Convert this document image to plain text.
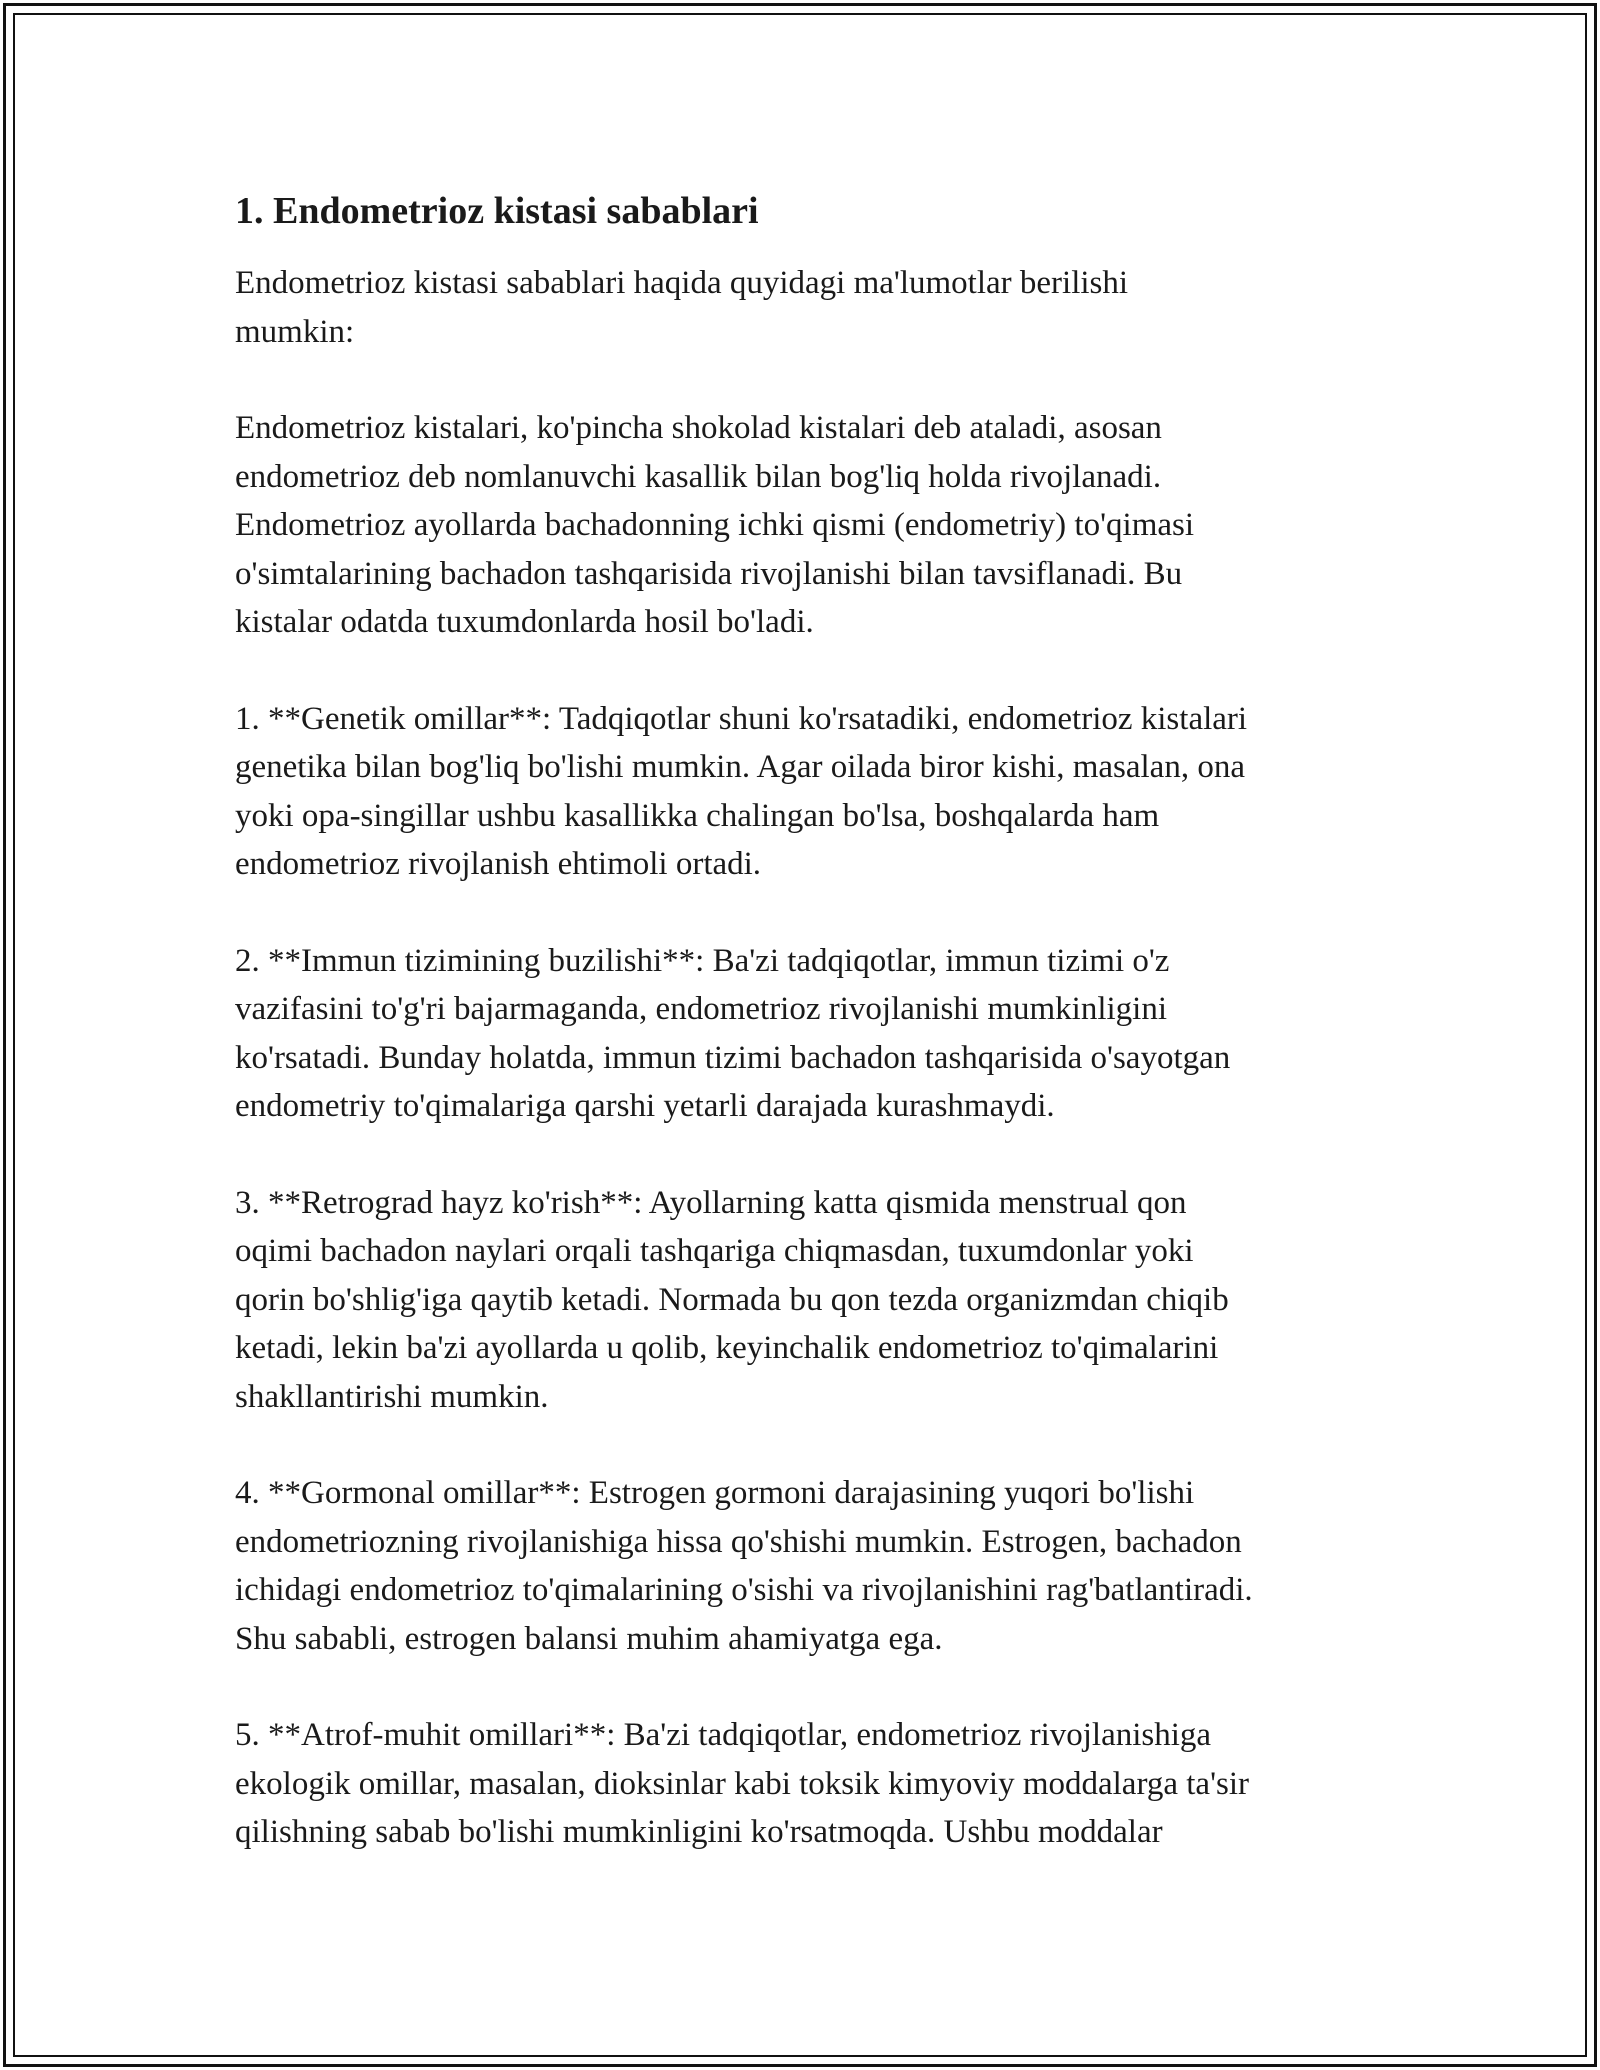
1. Endometrioz kistasi sabablari

Endometrioz kistasi sabablari haqida quyidagi ma'lumotlar berilishi
mumkin:

Endometrioz kistalari, ko'pincha shokolad kistalari deb ataladi, asosan
endometrioz deb nomlanuvchi kasallik bilan bog'liq holda rivojlanadi.
Endometrioz ayollarda bachadonning ichki qismi (endometriy) to'qimasi
o'simtalarining bachadon tashqarisida rivojlanishi bilan tavsiflanadi. Bu
kistalar odatda tuxumdonlarda hosil bo'ladi.

1. **Genetik omillar**: Tadqiqotlar shuni ko'rsatadiki, endometrioz kistalari
genetika bilan bog'liq bo'lishi mumkin. Agar oilada biror kishi, masalan, ona
yoki opa-singillar ushbu kasallikka chalingan bo'lsa, boshqalarda ham
endometrioz rivojlanish ehtimoli ortadi.

2. **Immun tizimining buzilishi**: Ba'zi tadqiqotlar, immun tizimi o'z
vazifasini to'g'ri bajarmaganda, endometrioz rivojlanishi mumkinligini
ko'rsatadi. Bunday holatda, immun tizimi bachadon tashqarisida o'sayotgan
endometriy to'qimalariga qarshi yetarli darajada kurashmaydi.

3. **Retrograd hayz ko'rish**: Ayollarning katta qismida menstrual qon
oqimi bachadon naylari orqali tashqariga chiqmasdan, tuxumdonlar yoki
qorin bo'shlig'iga qaytib ketadi. Normada bu qon tezda organizmdan chiqib
ketadi, lekin ba'zi ayollarda u qolib, keyinchalik endometrioz to'qimalarini
shakllantirishi mumkin.

4. **Gormonal omillar**: Estrogen gormoni darajasining yuqori bo'lishi
endometriozning rivojlanishiga hissa qo'shishi mumkin. Estrogen, bachadon
ichidagi endometrioz to'qimalarining o'sishi va rivojlanishini rag'batlantiradi.
Shu sababli, estrogen balansi muhim ahamiyatga ega.

5. **Atrof-muhit omillari**: Ba'zi tadqiqotlar, endometrioz rivojlanishiga
ekologik omillar, masalan, dioksinlar kabi toksik kimyoviy moddalarga ta'sir
qilishning sabab bo'lishi mumkinligini ko'rsatmoqda. Ushbu moddalar
